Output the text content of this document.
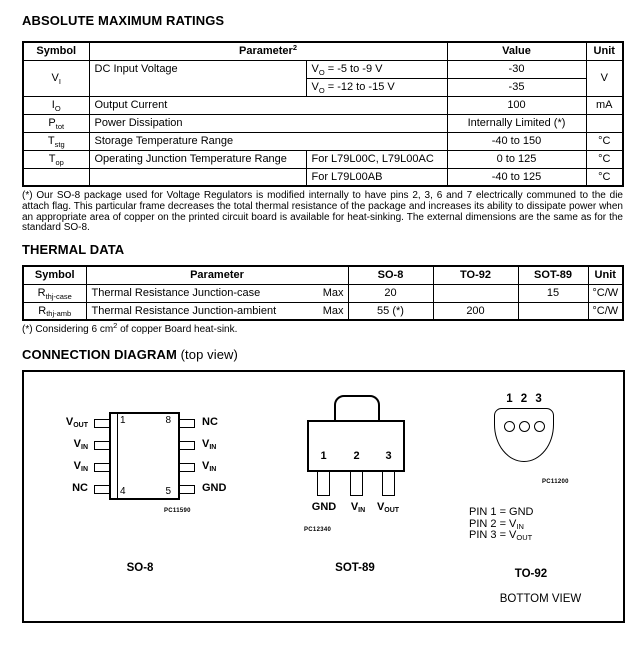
ABSOLUTE MAXIMUM RATINGS
Symbol	Parameter$^2$		Value	Unit
$V_I$	DC Input Voltage	$V_O = -5$ to -9 V	-30	V
		$V_O = -12$ to -15 V	-35	
$I_O$	Output Current		100	mA
$P_{tot}$	Power Dissipation		Internally Limited (*)	
$T_{stg}$	Storage Temperature Range		-40 to 150	°C
$T_{op}$	Operating Junction Temperature Range	For L79L00C, L79L00AC	0 to 125	°C
		For L79L00AB	-40 to 125	°C
(*) Our SO-8 package used for Voltage Regulators is modified internally to have pins 2, 3, 6 and 7 electrically communed to the die attach flag. This particular frame decreases the total thermal resistance of the package and increases its ability to dissipate power when an appropriate area of copper on the printed circuit board is available for heat-sinking. The external dimensions are the same as for the standard SO-8.
THERMAL DATA
Symbol	Parameter	SO-8	TO-92	SOT-89	Unit
$R_{thj-case}$	Thermal Resistance Junction-case Max	20		15	°C/W
$R_{thj-amb}$	Thermal Resistance Junction-ambient Max	55 (*)	200		°C/W
(*) Considering 6 $cm^2$ of copper Board heat-sink.
CONNECTION DIAGRAM (top view)
$V_{OUT}$
$V_{IN}$
$V_{IN}$
NC
1	8
4	5
NC
$V_{IN}$
$V_{IN}$
GND
PC11590
SO-8
1	2	3
GND	$V_{IN}$	$V_{OUT}$
PC12340
SOT-89
1 2 3
PC11200
PIN 1 = GND
PIN $2 = V_{IN}$
PIN $3 = V_{OUT}$
TO-92
BOTTOM VIEW
